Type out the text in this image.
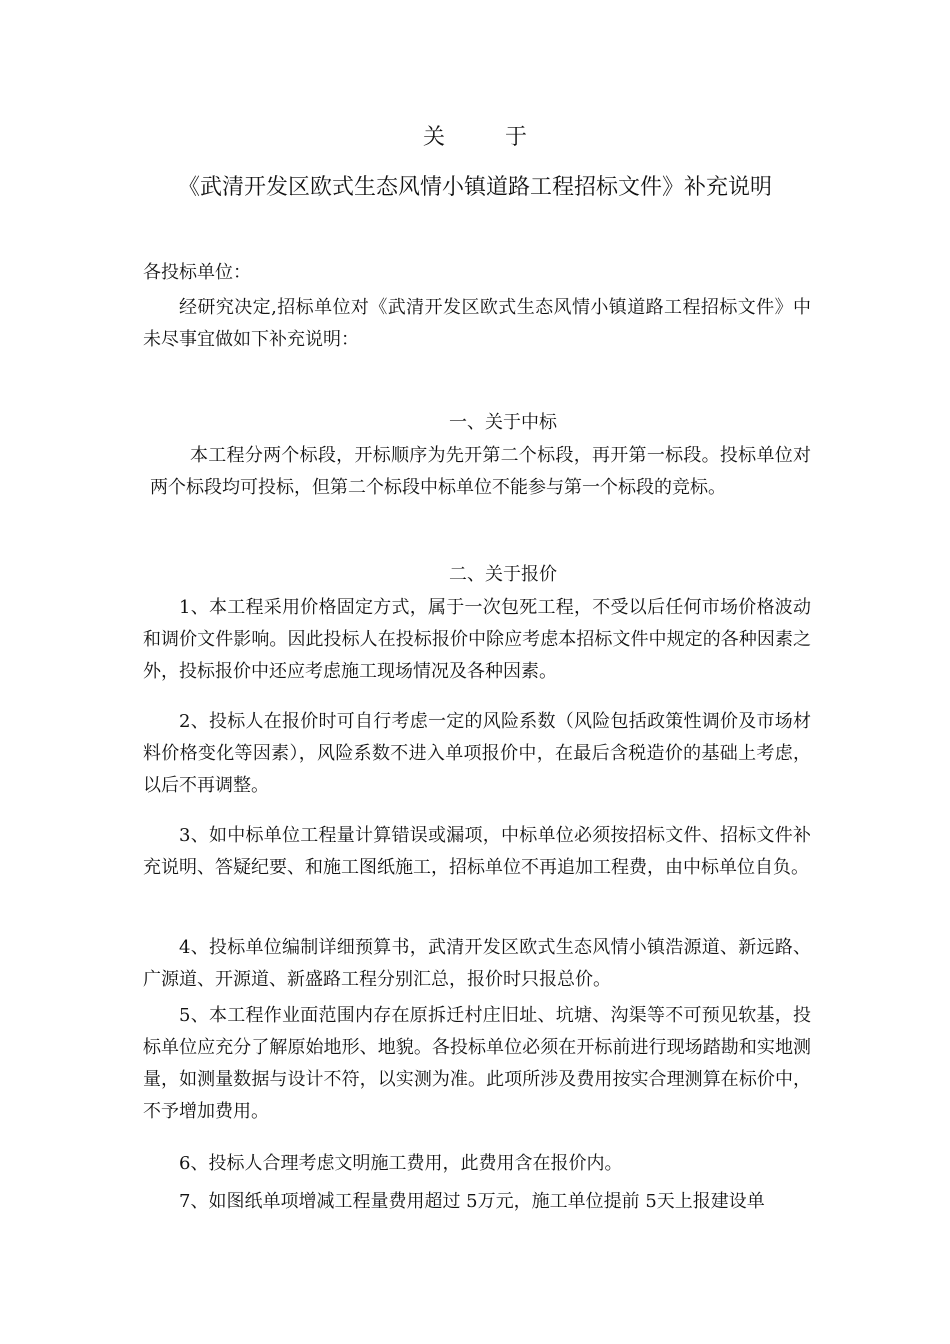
关	于
《武清开发区欧式生态风情小镇道路工程招标文件》补充说明
各投标单位：
经研究决定,招标单位对《武清开发区欧式生态风情小镇道路工程招标文件》中未尽事宜做如下补充说明：
一、关于中标
本工程分两个标段，开标顺序为先开第二个标段，再开第一标段。投标单位对两个标段均可投标，但第二个标段中标单位不能参与第一个标段的竞标。
二、关于报价
1、本工程采用价格固定方式，属于一次包死工程，不受以后任何市场价格波动和调价文件影响。因此投标人在投标报价中除应考虑本招标文件中规定的各种因素之外，投标报价中还应考虑施工现场情况及各种因素。
2、投标人在报价时可自行考虑一定的风险系数（风险包括政策性调价及市场材料价格变化等因素），风险系数不进入单项报价中，在最后含税造价的基础上考虑，以后不再调整。
3、如中标单位工程量计算错误或漏项，中标单位必须按招标文件、招标文件补充说明、答疑纪要、和施工图纸施工，招标单位不再追加工程费，由中标单位自负。
4、投标单位编制详细预算书，武清开发区欧式生态风情小镇浩源道、新远路、广源道、开源道、新盛路工程分别汇总，报价时只报总价。
5、本工程作业面范围内存在原拆迁村庄旧址、坑塘、沟渠等不可预见软基，投标单位应充分了解原始地形、地貌。各投标单位必须在开标前进行现场踏勘和实地测量，如测量数据与设计不符，以实测为准。此项所涉及费用按实合理测算在标价中，不予增加费用。
6、投标人合理考虑文明施工费用，此费用含在报价内。
7、如图纸单项增减工程量费用超过 5万元，施工单位提前 5天上报建设单
